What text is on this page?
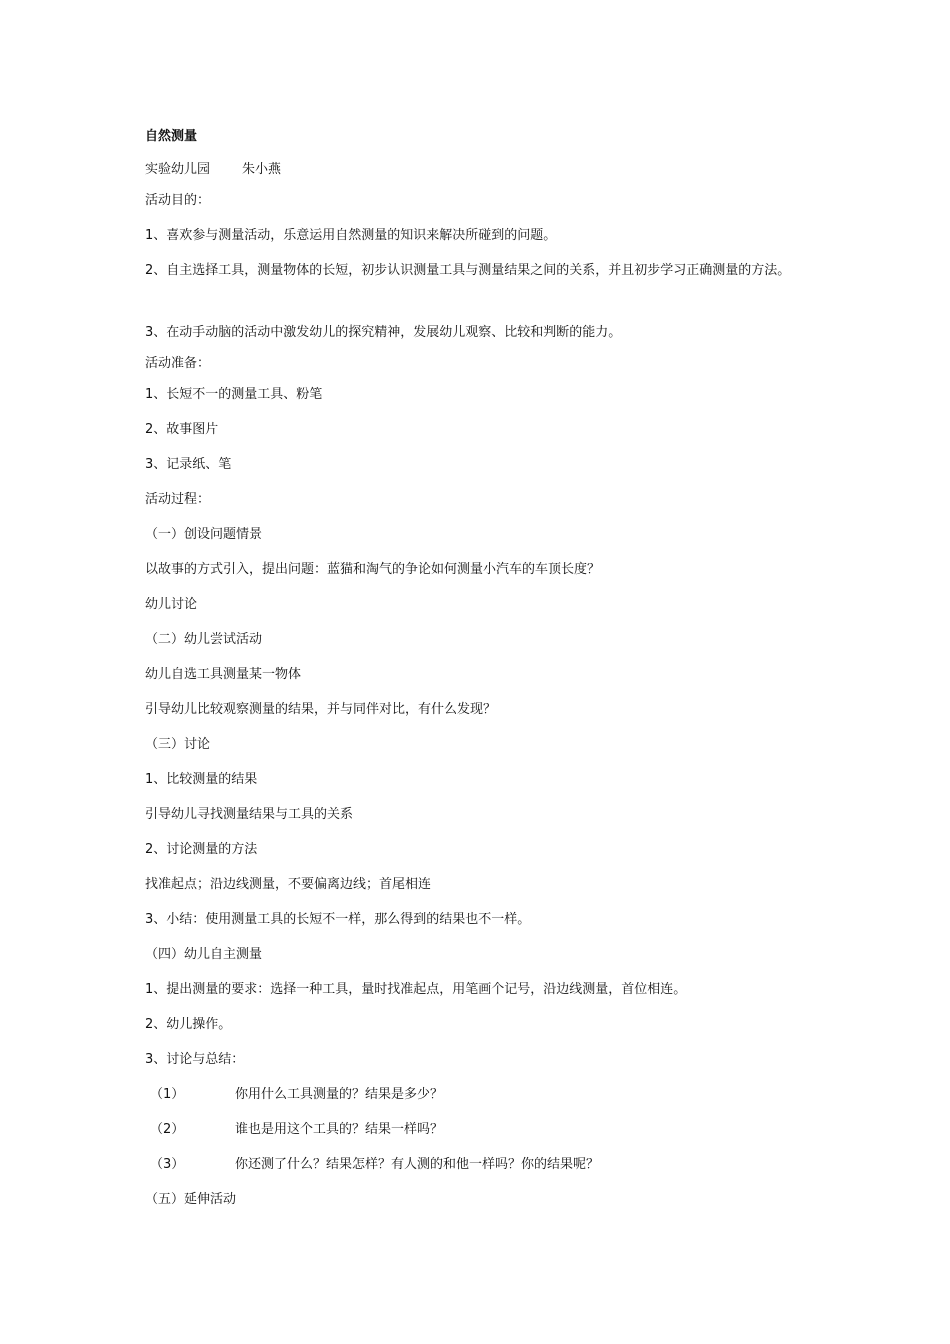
自然测量
实验幼儿园 朱小燕
活动目的：
1、喜欢参与测量活动，乐意运用自然测量的知识来解决所碰到的问题。
2、自主选择工具，测量物体的长短，初步认识测量工具与测量结果之间的关系，并且初步学习正确测量的方法。
3、在动手动脑的活动中激发幼儿的探究精神，发展幼儿观察、比较和判断的能力。
活动准备：
1、长短不一的测量工具、粉笔
2、故事图片
3、记录纸、笔
活动过程：
（一）创设问题情景
以故事的方式引入，提出问题：蓝猫和淘气的争论如何测量小汽车的车顶长度？
幼儿讨论
（二）幼儿尝试活动
幼儿自选工具测量某一物体
引导幼儿比较观察测量的结果，并与同伴对比，有什么发现？
（三）讨论
1、比较测量的结果
引导幼儿寻找测量结果与工具的关系
2、讨论测量的方法
找准起点；沿边线测量，不要偏离边线；首尾相连
3、小结：使用测量工具的长短不一样，那么得到的结果也不一样。
（四）幼儿自主测量
1、提出测量的要求：选择一种工具，量时找准起点，用笔画个记号，沿边线测量，首位相连。
2、幼儿操作。
3、讨论与总结：
（1）	你用什么工具测量的？结果是多少？
（2）	谁也是用这个工具的？结果一样吗？
（3）	你还测了什么？结果怎样？有人测的和他一样吗？你的结果呢？
（五）延伸活动
